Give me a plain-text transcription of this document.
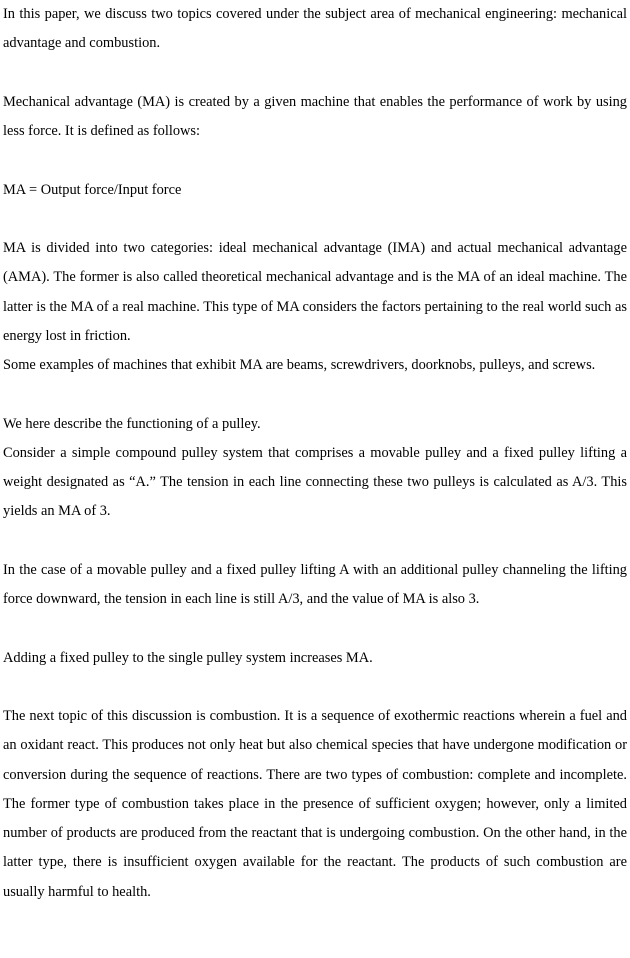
In this paper, we discuss two topics covered under the subject area of mechanical engineering: mechanical advantage and combustion.

Mechanical advantage (MA) is created by a given machine that enables the performance of work by using less force. It is defined as follows:

MA = Output force/Input force

MA is divided into two categories: ideal mechanical advantage (IMA) and actual mechanical advantage (AMA). The former is also called theoretical mechanical advantage and is the MA of an ideal machine. The latter is the MA of a real machine. This type of MA considers the factors pertaining to the real world such as energy lost in friction.

Some examples of machines that exhibit MA are beams, screwdrivers, doorknobs, pulleys, and screws.

We here describe the functioning of a pulley.

Consider a simple compound pulley system that comprises a movable pulley and a fixed pulley lifting a weight designated as “A.” The tension in each line connecting these two pulleys is calculated as A/3. This yields an MA of 3.

In the case of a movable pulley and a fixed pulley lifting A with an additional pulley channeling the lifting force downward, the tension in each line is still A/3, and the value of MA is also 3.

Adding a fixed pulley to the single pulley system increases MA.

The next topic of this discussion is combustion. It is a sequence of exothermic reactions wherein a fuel and an oxidant react. This produces not only heat but also chemical species that have undergone modification or conversion during the sequence of reactions. There are two types of combustion: complete and incomplete. The former type of combustion takes place in the presence of sufficient oxygen; however, only a limited number of products are produced from the reactant that is undergoing combustion. On the other hand, in the latter type, there is insufficient oxygen available for the reactant. The products of such combustion are usually harmful to health.
